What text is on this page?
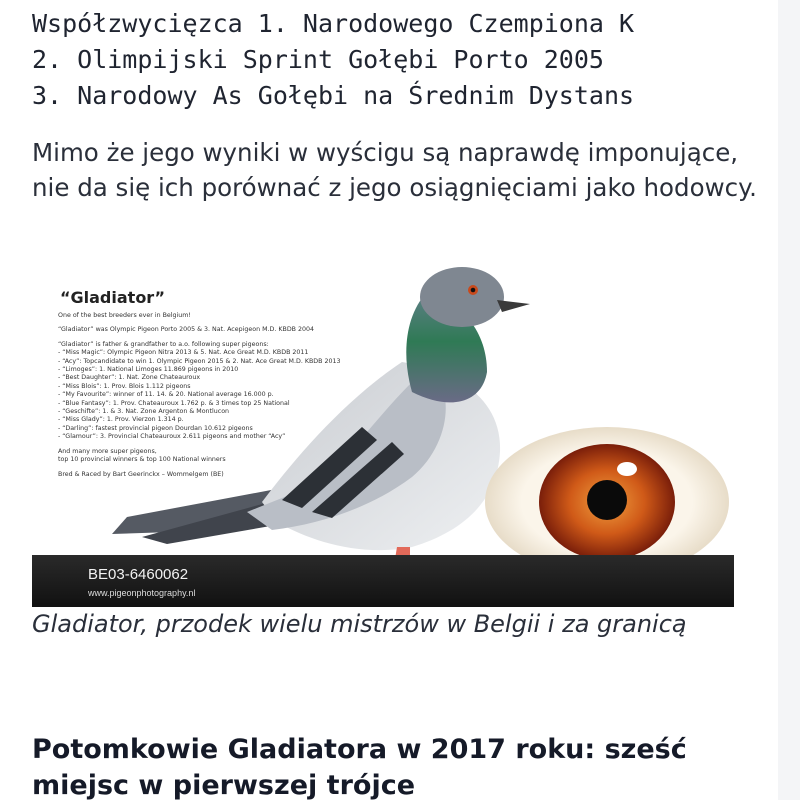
Współzwycięzca 1. Narodowego Czempiona K
2. Olimpijski Sprint Gołębi Porto 2005
3. Narodowy As Gołębi na Średnim Dystans
Mimo że jego wyniki w wyścigu są naprawdę imponujące, nie da się ich porównać z jego osiągnięciami jako hodowcy.
“Gladiator”
One of the best breeders ever in Belgium!
“Gladiator” was Olympic Pigeon Porto 2005 & 3. Nat. Acepigeon M.D. KBDB 2004
“Gladiator” is father & grandfather to a.o. following super pigeons:
- “Miss Magic”: Olympic Pigeon Nitra 2013 & 5. Nat. Ace Great M.D. KBDB 2011
- “Acy”: Topcandidate to win 1. Olympic Pigeon 2015 & 2. Nat. Ace Great M.D. KBDB 2013
- “Limoges”: 1. National Limoges 11.869 pigeons in 2010
- “Best Daughter”: 1. Nat. Zone Chateauroux
- “Miss Blois”: 1. Prov. Blois 1.112 pigeons
- “My Favourite”: winner of 11. 14. & 20. National average 16.000 p.
- “Blue Fantasy”: 1. Prov. Chateauroux 1.762 p. & 3 times top 25 National
- “Geschifte”: 1. & 3. Nat. Zone Argenton & Montlucon
- “Miss Glady”: 1. Prov. Vierzon 1.314 p.
- “Darling”: fastest provincial pigeon Dourdan 10.612 pigeons
- “Glamour”: 3. Provincial Chateauroux 2.611 pigeons and mother “Acy”
And many more super pigeons,
top 10 provincial winners & top 100 National winners
Bred & Raced by Bart Geerinckx – Wommelgem (BE)
BE03-6460062
www.pigeonphotography.nl
Gladiator, przodek wielu mistrzów w Belgii i za granicą
Potomkowie Gladiatora w 2017 roku: sześć miejsc w pierwszej trójce
